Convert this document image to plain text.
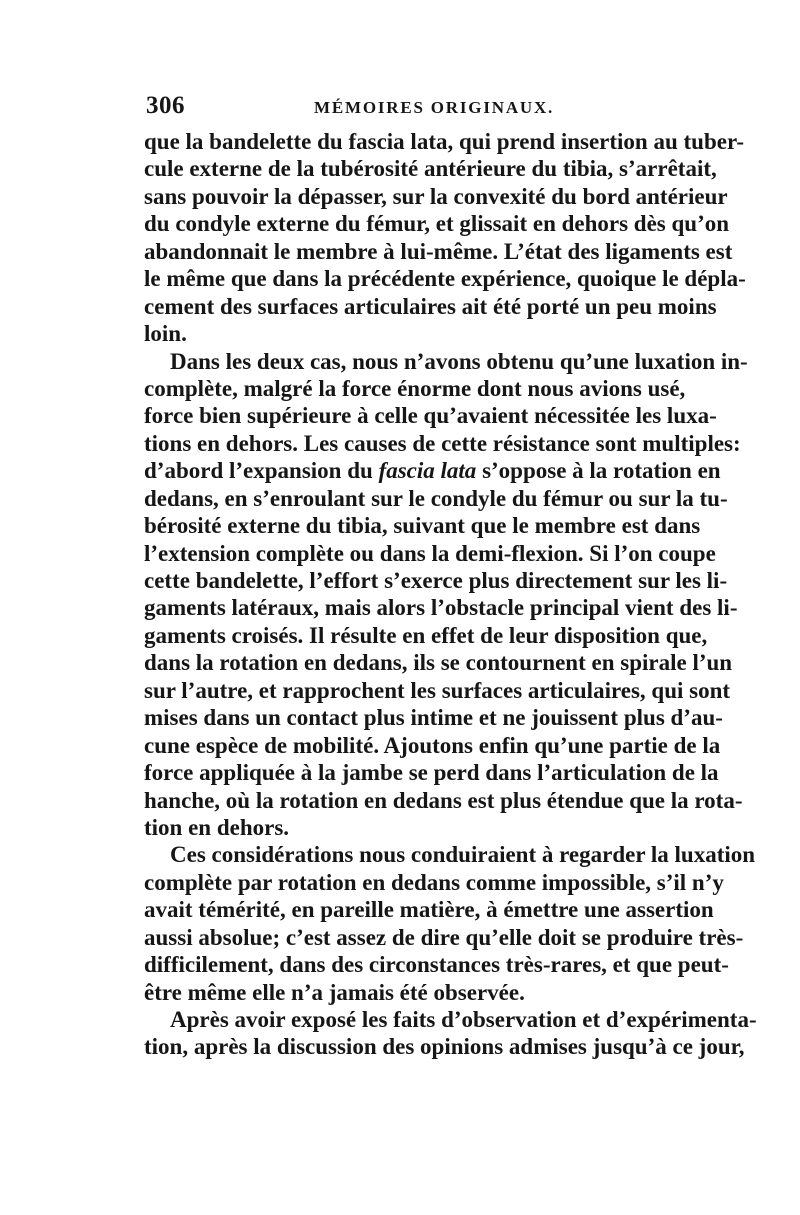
306	MÉMOIRES ORIGINAUX.
que la bandelette du fascia lata, qui prend insertion au tuber-
cule externe de la tubérosité antérieure du tibia, s’arrêtait,
sans pouvoir la dépasser, sur la convexité du bord antérieur
du condyle externe du fémur, et glissait en dehors dès qu’on
abandonnait le membre à lui-même. L’état des ligaments est
le même que dans la précédente expérience, quoique le dépla-
cement des surfaces articulaires ait été porté un peu moins
loin.
Dans les deux cas, nous n’avons obtenu qu’une luxation in-
complète, malgré la force énorme dont nous avions usé,
force bien supérieure à celle qu’avaient nécessitée les luxa-
tions en dehors. Les causes de cette résistance sont multiples:
d’abord l’expansion du fascia lata s’oppose à la rotation en
dedans, en s’enroulant sur le condyle du fémur ou sur la tu-
bérosité externe du tibia, suivant que le membre est dans
l’extension complète ou dans la demi-flexion. Si l’on coupe
cette bandelette, l’effort s’exerce plus directement sur les li-
gaments latéraux, mais alors l’obstacle principal vient des li-
gaments croisés. Il résulte en effet de leur disposition que,
dans la rotation en dedans, ils se contournent en spirale l’un
sur l’autre, et rapprochent les surfaces articulaires, qui sont
mises dans un contact plus intime et ne jouissent plus d’au-
cune espèce de mobilité. Ajoutons enfin qu’une partie de la
force appliquée à la jambe se perd dans l’articulation de la
hanche, où la rotation en dedans est plus étendue que la rota-
tion en dehors.
Ces considérations nous conduiraient à regarder la luxation
complète par rotation en dedans comme impossible, s’il n’y
avait témérité, en pareille matière, à émettre une assertion
aussi absolue; c’est assez de dire qu’elle doit se produire très-
difficilement, dans des circonstances très-rares, et que peut-
être même elle n’a jamais été observée.
Après avoir exposé les faits d’observation et d’expérimenta-
tion, après la discussion des opinions admises jusqu’à ce jour,
